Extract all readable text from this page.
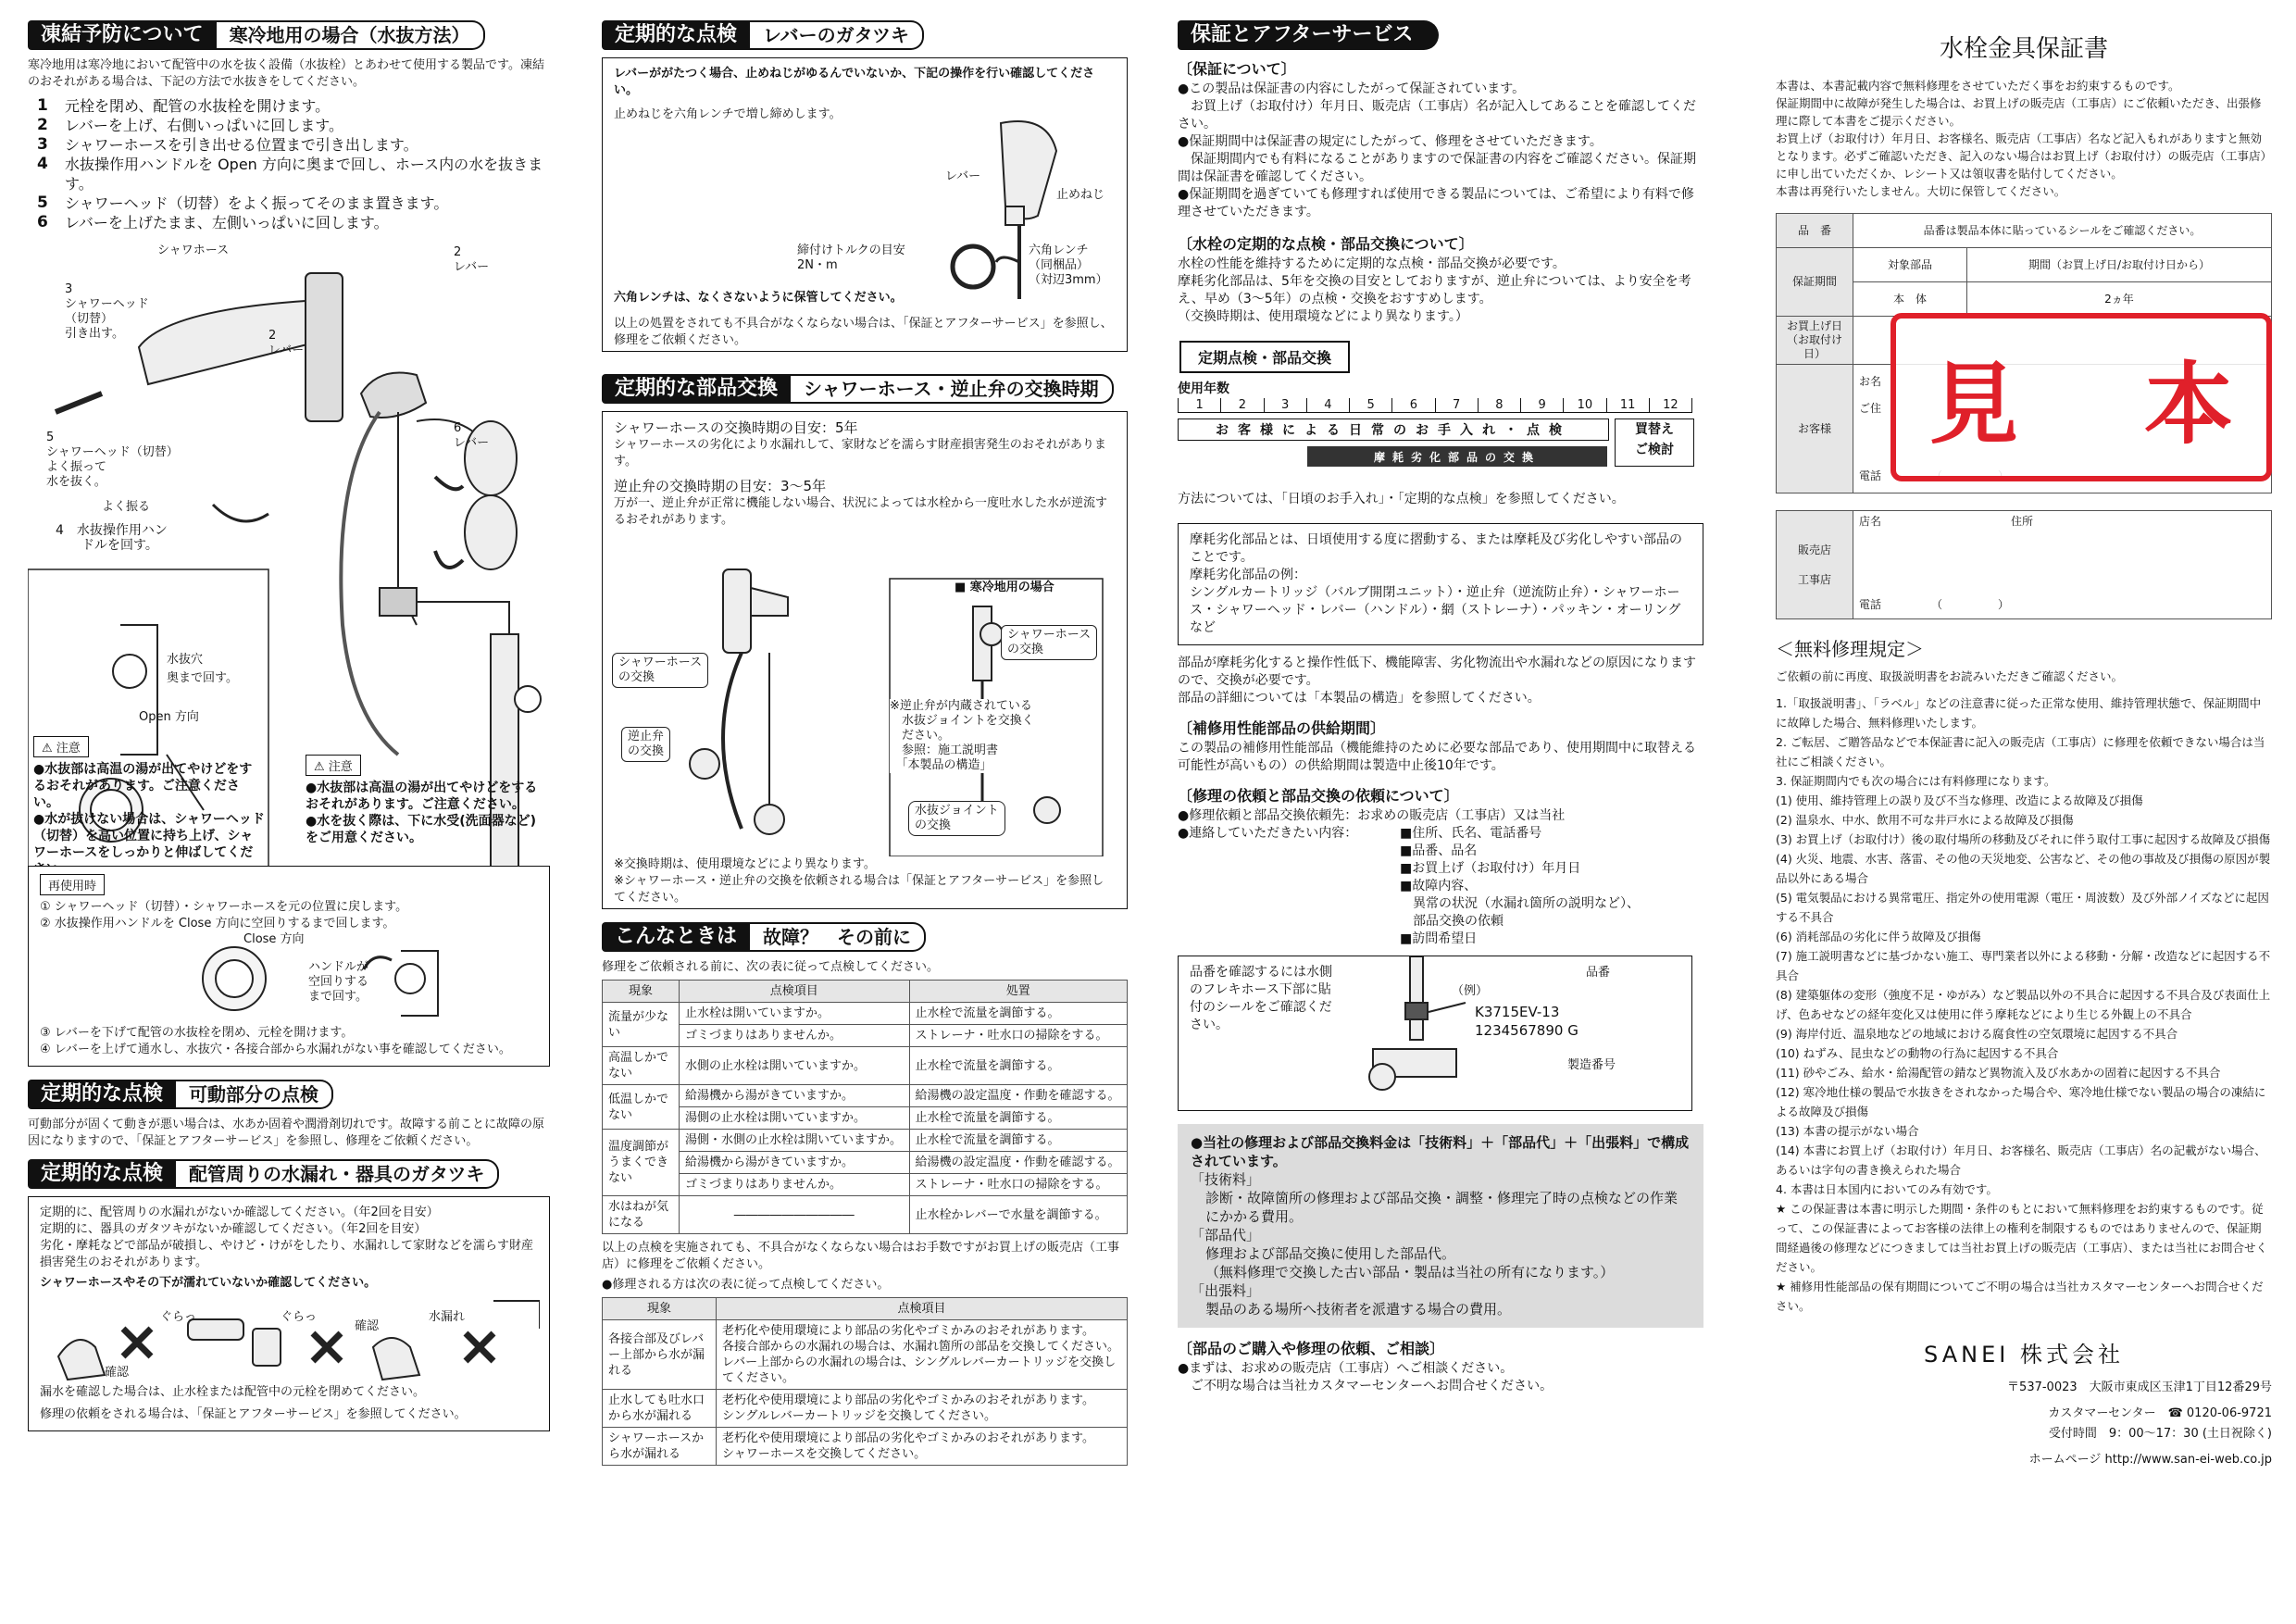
凍結予防について	寒冷地用の場合（水抜方法）

寒冷地用は寒冷地において配管中の水を抜く設備（水抜栓）とあわせて使用する製品です。凍結のおそれがある場合は、下記の方法で水抜きをしてください。

1	元栓を閉め、配管の水抜栓を開けます。
2	レバーを上げ、右側いっぱいに回します。
3	シャワーホースを引き出せる位置まで引き出します。
4	水抜操作用ハンドルを Open 方向に奥まで回し、ホース内の水を抜きます。
5	シャワーヘッド（切替）をよく振ってそのまま置きます。
6	レバーを上げたまま、左側いっぱいに回します。
シャワホース
3
シャワーヘッド
（切替）
引き出す。	2
レバー
2
レバー
5
シャワーヘッド（切替）
よく振って
水を抜く。
よく振る
6
レバー
4　水抜操作用ハン
　　ドルを回す。
水抜穴
奥まで回す。
Open 方向
⚠ 注意

●水抜部は高温の湯が出てやけどをするおそれがあります。ご注意ください。

●水が抜けない場合は、シャワーヘッド（切替）を高い位置に持ち上げ、シャワーホースをしっかりと伸ばしてくだ

⚠ 注意

●水抜部は高温の湯が出てやけどをするおそれがあります。ご注意ください。

●水を抜く際は、下に水受(洗面器など)をご用意ください。

再使用時

① シャワーヘッド（切替）・シャワーホースを元の位置に戻します。

② 水抜操作用ハンドルを Close 方向に空回りするまで回します。

Close 方向
ハンドルが
空回りする
まで回す。

③ レバーを下げて配管の水抜栓を閉め、元栓を開けます。

④ レバーを上げて通水し、水抜穴・各接合部から水漏れがない事を確認してください。

定期的な点検	可動部分の点検

可動部分が固くて動きが悪い場合は、水あか固着や潤滑剤切れです。故障する前ことに故障の原因になりますので、「保証とアフターサービス」を参照し、修理をご依頼ください。

定期的な点検	配管周りの水漏れ・器具のガタツキ

定期的に、配管周りの水漏れがないか確認してください。（年2回を目安）
定期的に、器具のガタツキがないか確認してください。（年2回を目安）
劣化・摩耗などで部品が破損し、やけど・けがをしたり、水漏れして家財などを濡らす財産損害発生のおそれがあります。

シャワーホースやその下が濡れていないか確認してください。

ぐらっ
確認
ぐらっ
確認
水漏れ

漏水を確認した場合は、止水栓または配管中の元栓を閉めてください。

修理の依頼をされる場合は、「保証とアフターサービス」を参照してください。

定期的な点検	レバーのガタツキ

レバーががたつく場合、止めねじがゆるんでいないか、下記の操作を行い確認してください。

止めねじを六角レンチで増し締めします。

レバー
止めねじ
締付けトルクの目安
2N・m
六角レンチ
（同梱品）
（対辺3mm）

六角レンチは、なくさないように保管してください。

以上の処置をされても不具合がなくならない場合は、「保証とアフターサービス」を参照し、修理をご依頼ください。

定期的な部品交換	シャワーホース・逆止弁の交換時期

シャワーホースの交換時期の目安：5年

シャワーホースの劣化により水漏れして、家財などを濡らす財産損害発生のおそれがあります。

逆止弁の交換時期の目安：3～5年

万が一、逆止弁が正常に機能しない場合、状況によっては水栓から一度吐水した水が逆流するおそれがあります。

■ 寒冷地用の場合
シャワーホース
の交換
逆止弁
の交換
シャワーホース
の交換
※逆止弁が内蔵されている
　水抜ジョイントを交換く
　ださい。
　参照：施工説明書
　「本製品の構造」
水抜ジョイント
の交換

※交換時期は、使用環境などにより異なります。

※シャワーホース・逆止弁の交換を依頼される場合は「保証とアフターサービス」を参照してください。

こんなときは	故障？　その前に

修理をご依頼される前に、次の表に従って点検してください。

現象	点検項目	処置
流量が少ない	止水栓は開いていますか。	止水栓で流量を調節する。
	ゴミづまりはありませんか。	ストレーナ・吐水口の掃除をする。
高温しかでない	水側の止水栓は開いていますか。	止水栓で流量を調節する。
低温しかでない	給湯機から湯がきていますか。	給湯機の設定温度・作動を確認する。
	湯側の止水栓は開いていますか。	止水栓で流量を調節する。
温度調節がうまくできない	湯側・水側の止水栓は開いていますか。	止水栓で流量を調節する。
	給湯機から湯がきていますか。	給湯機の設定温度・作動を確認する。
	ゴミづまりはありませんか。	ストレーナ・吐水口の掃除をする。
水はねが気になる	――――――――――	止水栓かレバーで水量を調節する。

以上の点検を実施されても、不具合がなくならない場合はお手数ですがお買上げの販売店（工事店）に修理をご依頼ください。

●修理される方は次の表に従って点検してください。

現象	点検項目
各接合部及びレバー上部から水が漏れる	老朽化や使用環境により部品の劣化やゴミかみのおそれがあります。
各接合部からの水漏れの場合は、水漏れ箇所の部品を交換してください。
レバー上部からの水漏れの場合は、シングルレバーカートリッジを交換してください。
止水しても吐水口から水が漏れる	老朽化や使用環境により部品の劣化やゴミかみのおそれがあります。
シングルレバーカートリッジを交換してください。
シャワーホースから水が漏れる	老朽化や使用環境により部品の劣化やゴミかみのおそれがあります。
シャワーホースを交換してください。
保証とアフターサービス

〔保証について〕

●この製品は保証書の内容にしたがって保証されています。
　お買上げ（お取付け）年月日、販売店（工事店）名が記入してあることを確認してください。

●保証期間中は保証書の規定にしたがって、修理をさせていただきます。
　保証期間内でも有料になることがありますので保証書の内容をご確認ください。保証期間は保証書を確認してください。

●保証期間を過ぎていても修理すれば使用できる製品については、ご希望により有料で修理させていただきます。

〔水栓の定期的な点検・部品交換について〕

水栓の性能を維持するために定期的な点検・部品交換が必要です。
摩耗劣化部品は、5年を交換の目安としておりますが、逆止弁については、より安全を考え、早め（3～5年）の点検・交換をおすすめします。
（交換時期は、使用環境などにより異なります。）

定期点検・部品交換

使用年数

1	2	3	4	5	6	7	8	9	10	11	12
お客様による日常のお手入れ・点検
摩耗劣化部品の交換
買替え
ご検討

方法については、「日頃のお手入れ」・「定期的な点検」を参照してください。

摩耗劣化部品とは、日頃使用する度に摺動する、または摩耗及び劣化しやすい部品のことです。
摩耗劣化部品の例：
シングルカートリッジ（バルブ開閉ユニット）・逆止弁（逆流防止弁）・シャワーホース・シャワーヘッド・レバー（ハンドル）・網（ストレーナ）・パッキン・オーリングなど

部品が摩耗劣化すると操作性低下、機能障害、劣化物流出や水漏れなどの原因になりますので、交換が必要です。
部品の詳細については「本製品の構造」を参照してください。

〔補修用性能部品の供給期間〕

この製品の補修用性能部品（機能維持のために必要な部品であり、使用期間中に取替える可能性が高いもの）の供給期間は製造中止後10年です。

〔修理の依頼と部品交換の依頼について〕

●修理依頼と部品交換依頼先：お求めの販売店（工事店）又は当社

●連絡していただきたい内容：	■住所、氏名、電話番号

■品番、品名

■お買上げ（お取付け）年月日

■故障内容、
　異常の状況（水漏れ箇所の説明など）、
　部品交換の依頼

■訪問希望日

品番を確認するには水側のフレキホース下部に貼付のシールをご確認ください。

（例）
品番
K3715EV-13
1234567890 G
製造番号

●当社の修理および部品交換料金は「技術料」＋「部品代」＋「出張料」で構成されています。

「技術料」

診断・故障箇所の修理および部品交換・調整・修理完了時の点検などの作業にかかる費用。

「部品代」

修理および部品交換に使用した部品代。
（無料修理で交換した古い部品・製品は当社の所有になります。）

「出張料」

製品のある場所へ技術者を派遣する場合の費用。

〔部品のご購入や修理の依頼、ご相談〕

●まずは、お求めの販売店（工事店）へご相談ください。
　ご不明な場合は当社カスタマーセンターへお問合せください。

水栓金具保証書

本書は、本書記載内容で無料修理をさせていただく事をお約束するものです。
保証期間中に故障が発生した場合は、お買上げの販売店（工事店）にご依頼いただき、出張修理に際して本書をご提示ください。
お買上げ（お取付け）年月日、お客様名、販売店（工事店）名など記入もれがありますと無効となります。必ずご確認いただき、記入のない場合はお買上げ（お取付け）の販売店（工事店）に申し出ていただくか、レシート又は領収書を貼付してください。
本書は再発行いたしません。大切に保管してください。

品　番	品番は製品本体に貼っているシールをご確認ください。	
保証期間	対象部品	期間（お買上げ日/お取付け日から）
	本　体	2ヵ年
お買上げ日
（お取付け日）		
お客様	お名	
	ご住	
	電話	　　　　　
見 本
販売店
工事店	店名	住所
電話　　　　　	（　　　　　）

＜無料修理規定＞

ご依頼の前に再度、取扱説明書をお読みいただきご確認ください。

1.「取扱説明書」、「ラベル」などの注意書に従った正常な使用、維持管理状態で、保証期間中に故障した場合、無料修理いたします。

2. ご転居、ご贈答品などで本保証書に記入の販売店（工事店）に修理を依頼できない場合は当社にご相談ください。

3. 保証期間内でも次の場合には有料修理になります。

(1) 使用、維持管理上の誤り及び不当な修理、改造による故障及び損傷

(2) 温泉水、中水、飲用不可な井戸水による故障及び損傷

(3) お買上げ（お取付け）後の取付場所の移動及びそれに伴う取付工事に起因する故障及び損傷

(4) 火災、地震、水害、落雷、その他の天災地変、公害など、その他の事故及び損傷の原因が製品以外にある場合

(5) 電気製品における異常電圧、指定外の使用電源（電圧・周波数）及び外部ノイズなどに起因する不具合

(6) 消耗部品の劣化に伴う故障及び損傷

(7) 施工説明書などに基づかない施工、専門業者以外による移動・分解・改造などに起因する不具合

(8) 建築躯体の変形（強度不足・ゆがみ）など製品以外の不具合に起因する不具合及び表面仕上げ、色あせなどの経年変化又は使用に伴う摩耗などにより生じる外観上の不具合

(9) 海岸付近、温泉地などの地域における腐食性の空気環境に起因する不具合

(10) ねずみ、昆虫などの動物の行為に起因する不具合

(11) 砂やごみ、給水・給湯配管の錆など異物流入及び水あかの固着に起因する不具合

(12) 寒冷地仕様の製品で水抜きをされなかった場合や、寒冷地仕様でない製品の場合の凍結による故障及び損傷

(13) 本書の提示がない場合

(14) 本書にお買上げ（お取付け）年月日、お客様名、販売店（工事店）名の記載がない場合、あるいは字句の書き換えられた場合

4. 本書は日本国内においてのみ有効です。

★ この保証書は本書に明示した期間・条件のもとにおいて無料修理をお約束するものです。従って、この保証書によってお客様の法律上の権利を制限するものではありませんので、保証期間経過後の修理などにつきましては当社お買上げの販売店（工事店）、または当社にお問合せください。

★ 補修用性能部品の保有期間についてご不明の場合は当社カスタマーセンターへお問合せください。

SANEI 株式会社

〒537-0023　大阪市東成区玉津1丁目12番29号

カスタマーセンター　☎ 0120-06-9721

受付時間　9：00～17：30 (土日祝除く)

ホームページ http://www.san-ei-web.co.jp
